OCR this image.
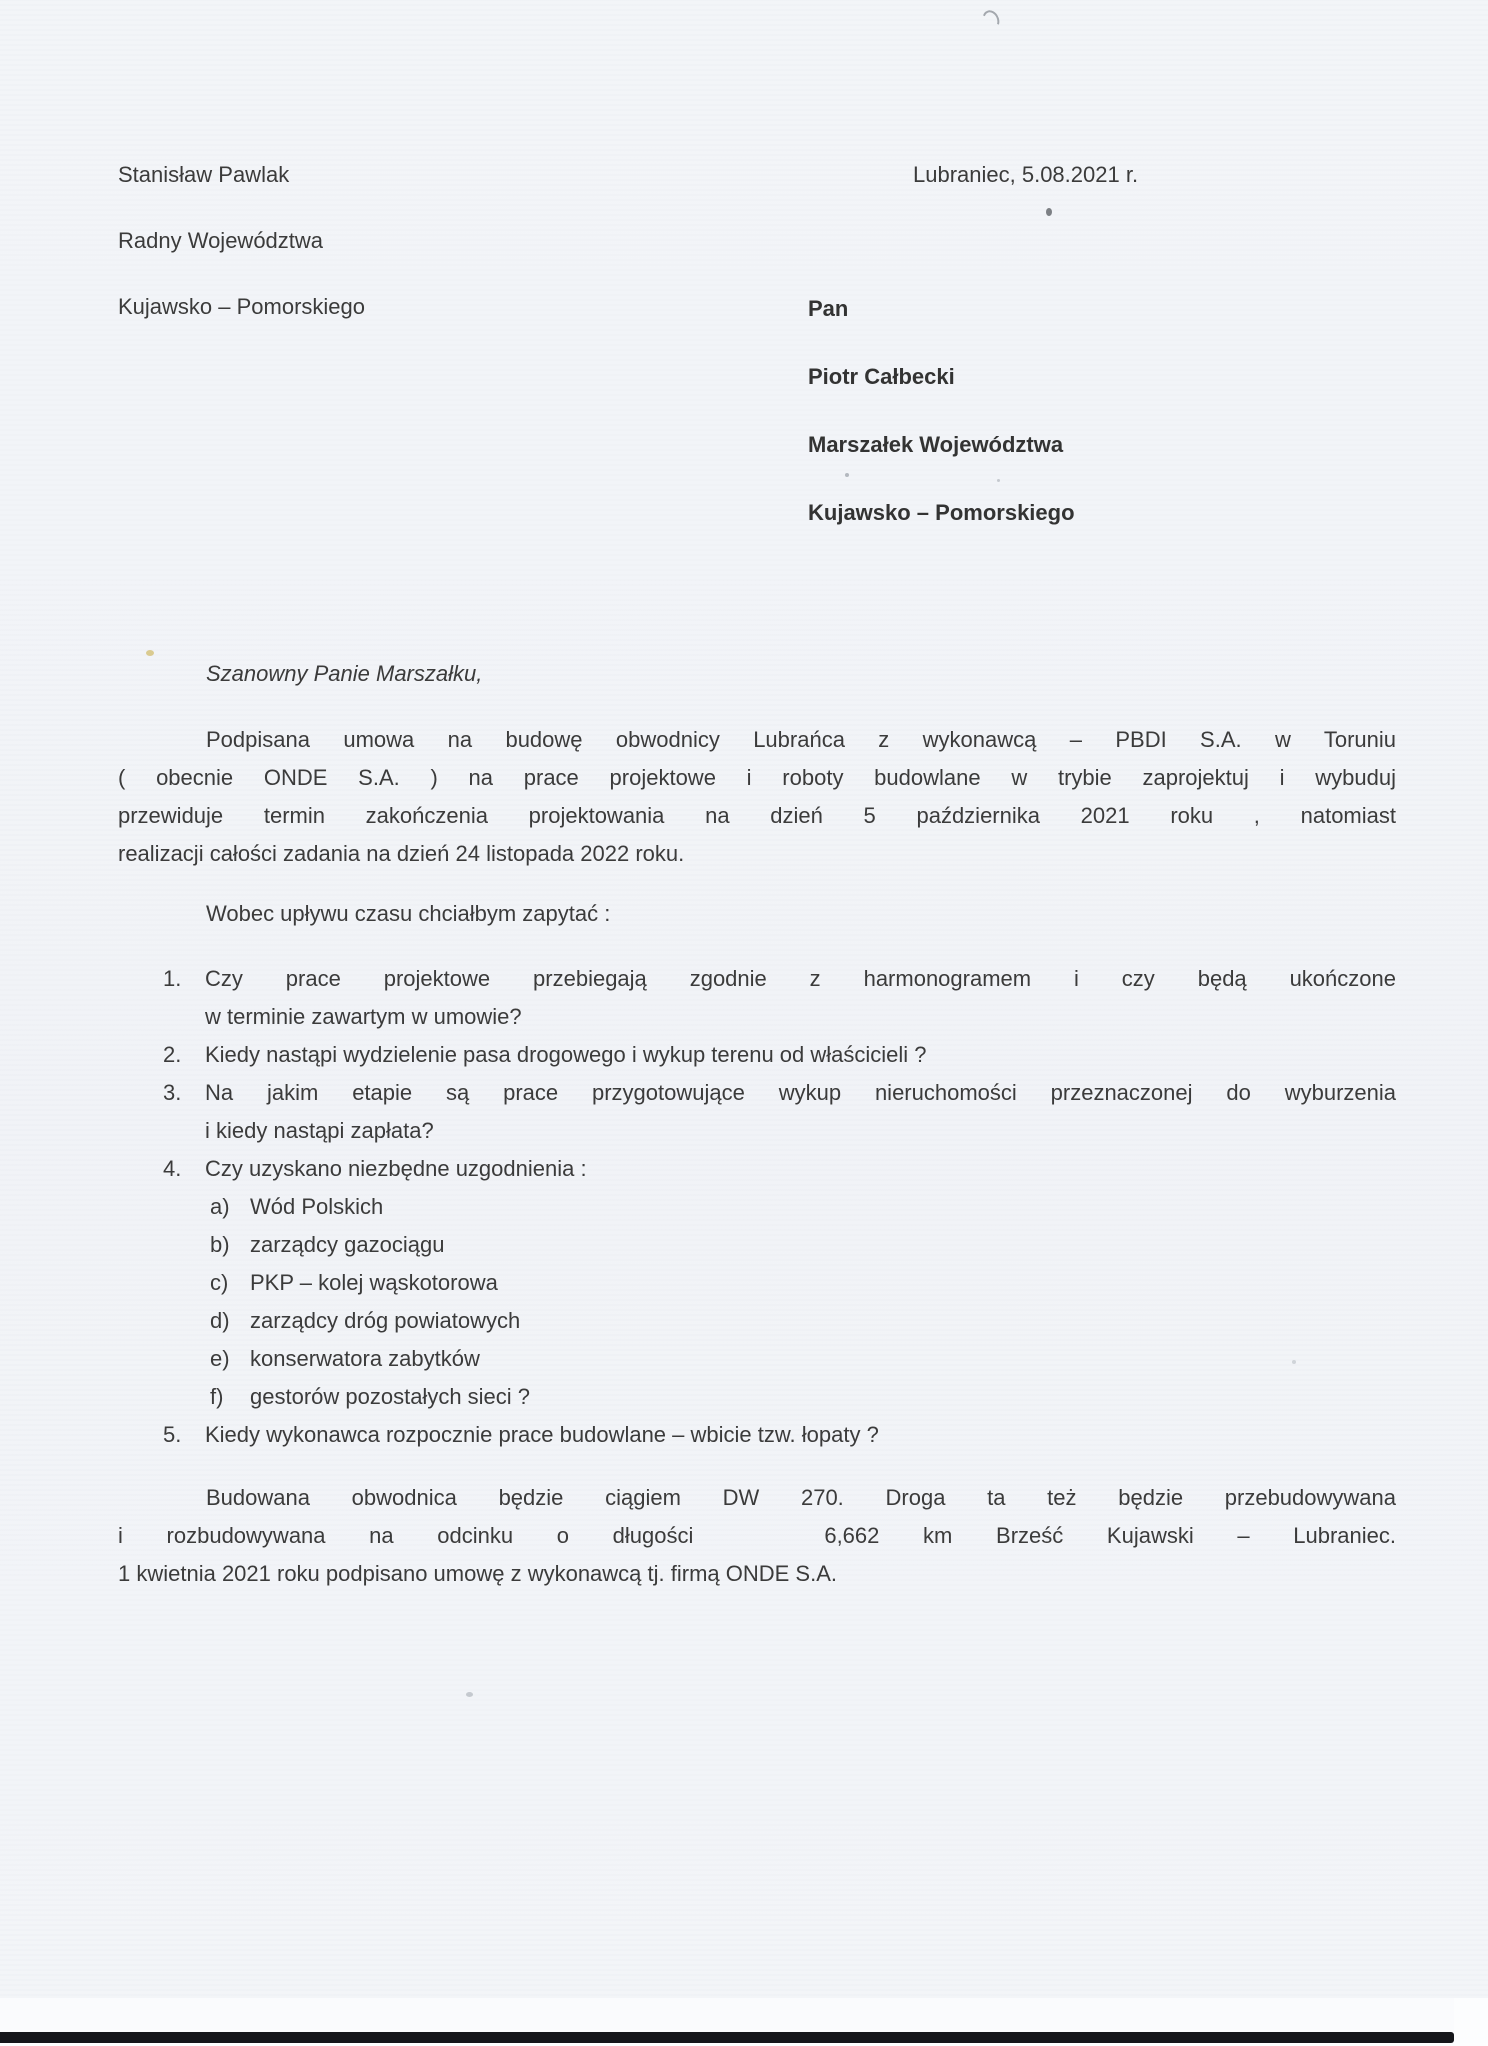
Stanisław Pawlak
Radny Województwa
Kujawsko – Pomorskiego
Lubraniec, 5.08.2021 r.
Pan
Piotr Całbecki
Marszałek Województwa
Kujawsko – Pomorskiego
Szanowny Panie Marszałku,
Podpisana umowa na budowę obwodnicy Lubrańca z wykonawcą – PBDI S.A. w Toruniu
( obecnie ONDE S.A. ) na prace projektowe i roboty budowlane w trybie zaprojektuj i wybuduj
przewiduje termin zakończenia projektowania na dzień 5 października 2021 roku , natomiast
realizacji całości zadania na dzień 24 listopada 2022 roku.
Wobec upływu czasu chciałbym zapytać :
1. Czy prace projektowe przebiegają zgodnie z harmonogramem i czy będą ukończone
w terminie zawartym w umowie?
2. Kiedy nastąpi wydzielenie pasa drogowego i wykup terenu od właścicieli ?
3. Na jakim etapie są prace przygotowujące wykup nieruchomości przeznaczonej do wyburzenia
i kiedy nastąpi zapłata?
4. Czy uzyskano niezbędne uzgodnienia :
a) Wód Polskich
b) zarządcy gazociągu
c) PKP – kolej wąskotorowa
d) zarządcy dróg powiatowych
e) konserwatora zabytków
f) gestorów pozostałych sieci ?
5. Kiedy wykonawca rozpocznie prace budowlane – wbicie tzw. łopaty ?
Budowana obwodnica będzie ciągiem DW 270. Droga ta też będzie przebudowywana
i rozbudowywana na odcinku o długości   6,662 km Brześć Kujawski – Lubraniec.
1 kwietnia 2021 roku podpisano umowę z wykonawcą tj. firmą ONDE S.A.
